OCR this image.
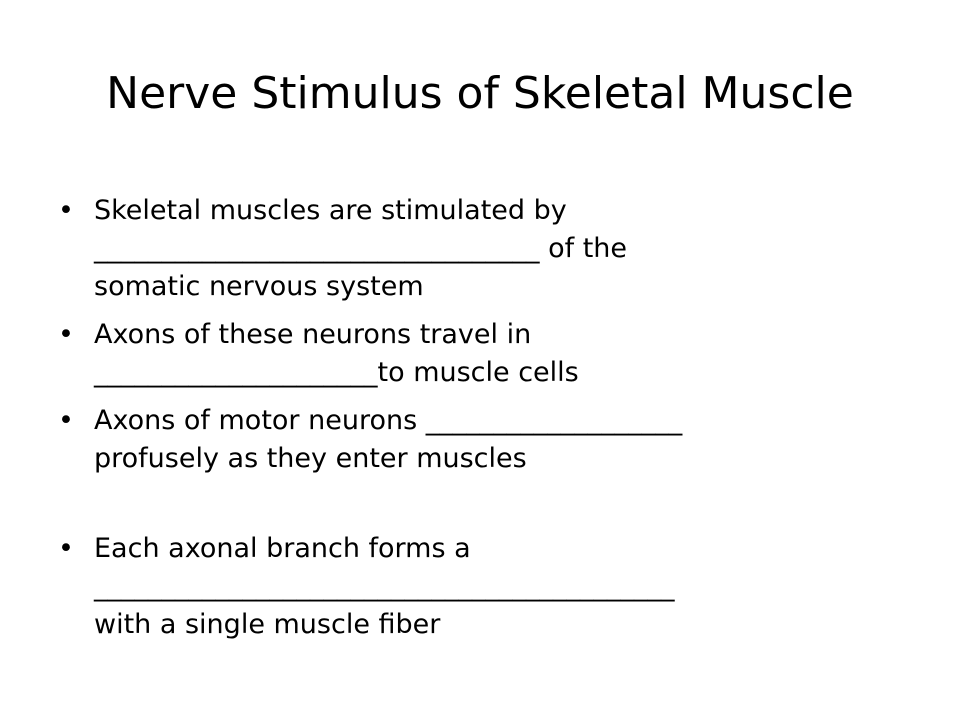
Nerve Stimulus of Skeletal Muscle
• Skeletal muscles are stimulated by
_________________________________ of the
somatic nervous system
• Axons of these neurons travel in
_____________________to muscle cells
• Axons of motor neurons ___________________
profusely as they enter muscles
• Each axonal branch forms a
___________________________________________
with a single muscle fiber
